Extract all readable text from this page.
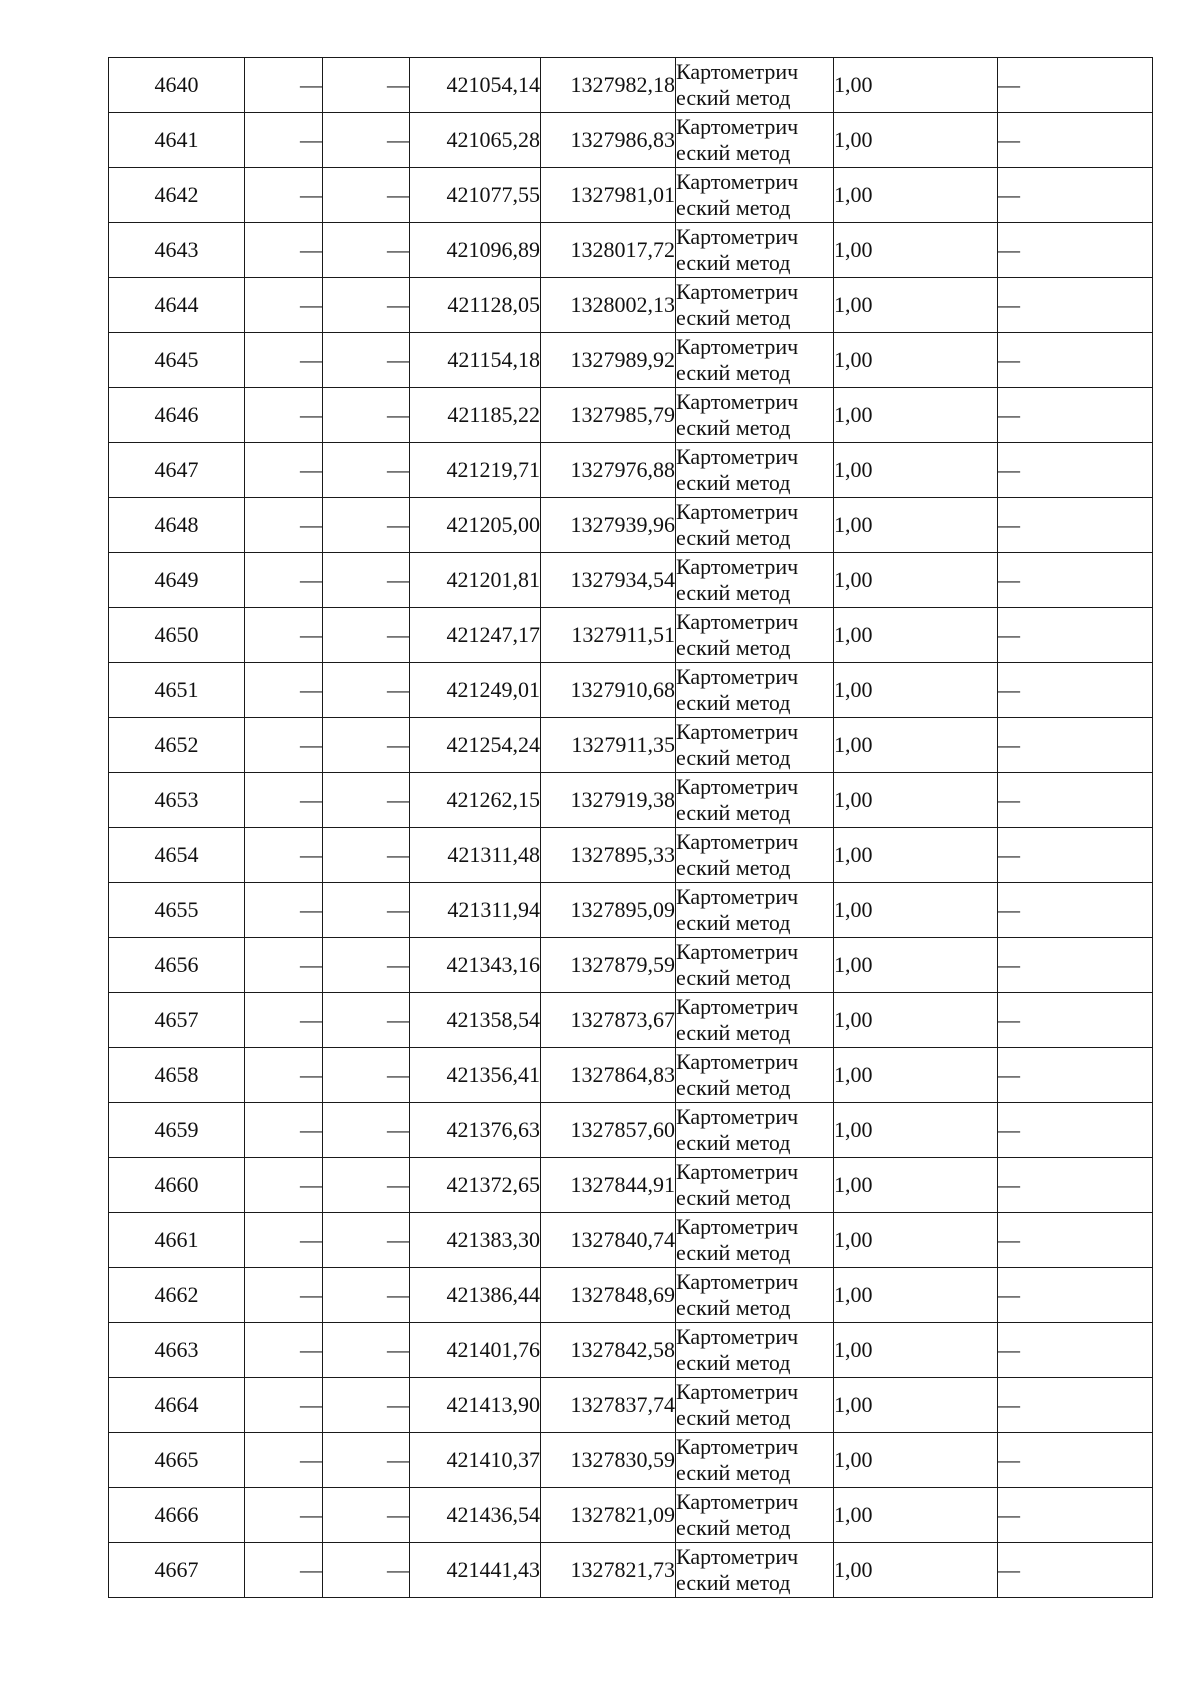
4640	—	—	421054,14	1327982,18	Картометрич
еский метод	1,00	—
4641	—	—	421065,28	1327986,83	Картометрич
еский метод	1,00	—
4642	—	—	421077,55	1327981,01	Картометрич
еский метод	1,00	—
4643	—	—	421096,89	1328017,72	Картометрич
еский метод	1,00	—
4644	—	—	421128,05	1328002,13	Картометрич
еский метод	1,00	—
4645	—	—	421154,18	1327989,92	Картометрич
еский метод	1,00	—
4646	—	—	421185,22	1327985,79	Картометрич
еский метод	1,00	—
4647	—	—	421219,71	1327976,88	Картометрич
еский метод	1,00	—
4648	—	—	421205,00	1327939,96	Картометрич
еский метод	1,00	—
4649	—	—	421201,81	1327934,54	Картометрич
еский метод	1,00	—
4650	—	—	421247,17	1327911,51	Картометрич
еский метод	1,00	—
4651	—	—	421249,01	1327910,68	Картометрич
еский метод	1,00	—
4652	—	—	421254,24	1327911,35	Картометрич
еский метод	1,00	—
4653	—	—	421262,15	1327919,38	Картометрич
еский метод	1,00	—
4654	—	—	421311,48	1327895,33	Картометрич
еский метод	1,00	—
4655	—	—	421311,94	1327895,09	Картометрич
еский метод	1,00	—
4656	—	—	421343,16	1327879,59	Картометрич
еский метод	1,00	—
4657	—	—	421358,54	1327873,67	Картометрич
еский метод	1,00	—
4658	—	—	421356,41	1327864,83	Картометрич
еский метод	1,00	—
4659	—	—	421376,63	1327857,60	Картометрич
еский метод	1,00	—
4660	—	—	421372,65	1327844,91	Картометрич
еский метод	1,00	—
4661	—	—	421383,30	1327840,74	Картометрич
еский метод	1,00	—
4662	—	—	421386,44	1327848,69	Картометрич
еский метод	1,00	—
4663	—	—	421401,76	1327842,58	Картометрич
еский метод	1,00	—
4664	—	—	421413,90	1327837,74	Картометрич
еский метод	1,00	—
4665	—	—	421410,37	1327830,59	Картометрич
еский метод	1,00	—
4666	—	—	421436,54	1327821,09	Картометрич
еский метод	1,00	—
4667	—	—	421441,43	1327821,73	Картометрич
еский метод	1,00	—
